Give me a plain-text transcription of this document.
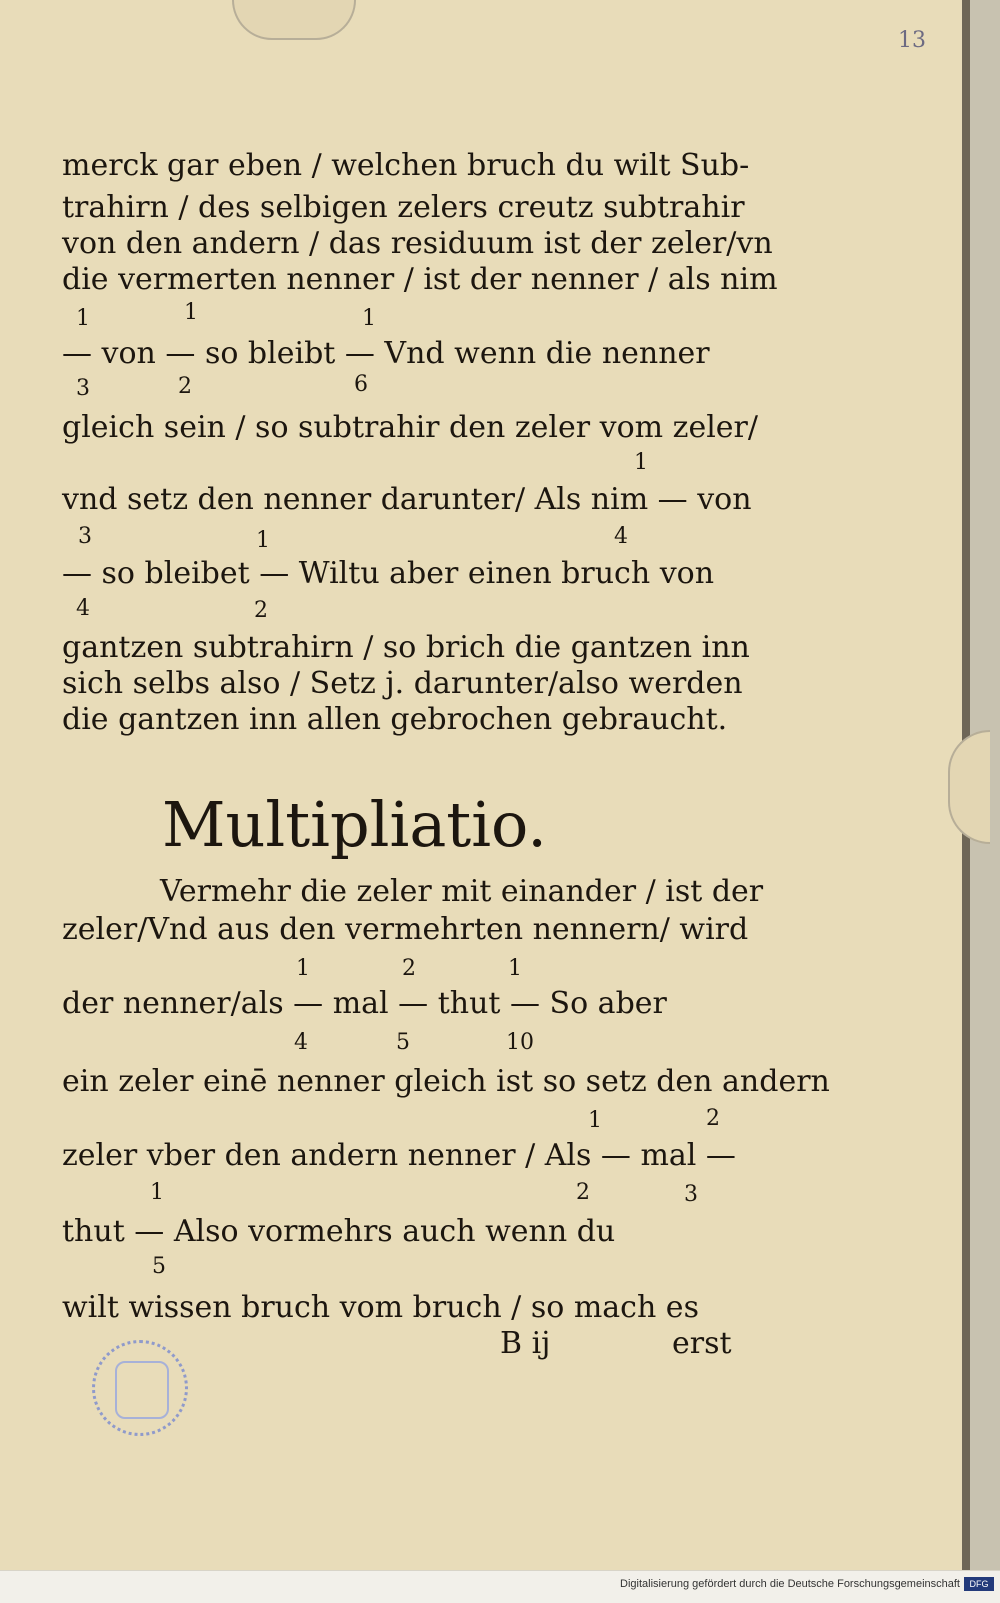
13
merck gar eben / welchen bruch du wilt Sub-
trahirn / des selbigen zelers creutz subtrahir
von den andern / das residuum ist der zeler/vn
die vermerten nenner / ist der nenner / als nim
1	1	1
— von — so bleibt — Vnd wenn die nenner
3	2	6
gleich sein / so subtrahir den zeler vom zeler/
1
vnd setz den nenner darunter/ Als nim — von
3	1	4
— so bleibet — Wiltu aber einen bruch von
4	2
gantzen subtrahirn / so brich die gantzen inn
sich selbs also / Setz j. darunter/also werden
die gantzen inn allen gebrochen gebraucht.
Multipliatio.
Vermehr die zeler mit einander / ist der
zeler/Vnd aus den vermehrten nennern/ wird
1	2	1
der nenner/als — mal — thut — So aber
4	5	10
ein zeler einē nenner gleich ist so setz den andern
1	2
zeler vber den andern nenner / Als — mal —
1	2	3
thut — Also vormehrs auch wenn du
5
wilt wissen bruch vom bruch / so mach es
B ij	erst
Digitalisierung gefördert durch die Deutsche Forschungsgemeinschaft	DFG
